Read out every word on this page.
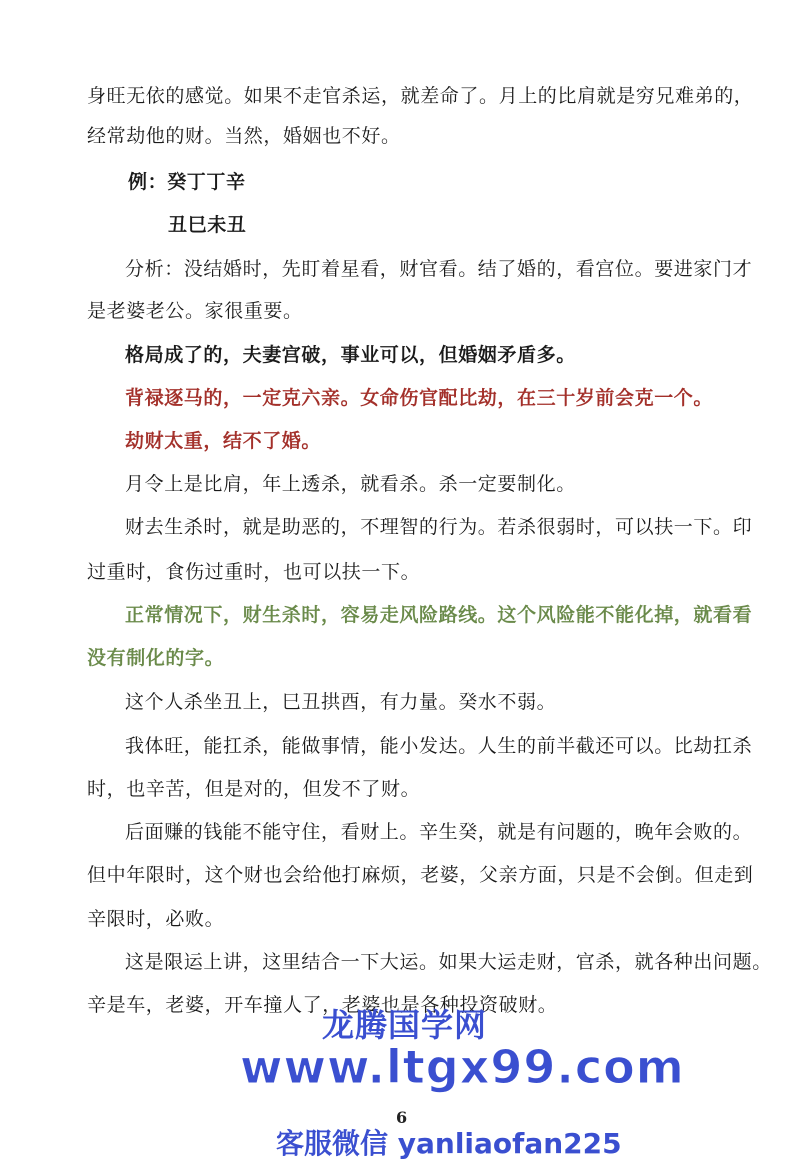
身旺无依的感觉。如果不走官杀运，就差命了。月上的比肩就是穷兄难弟的，
经常劫他的财。当然，婚姻也不好。
例：癸丁丁辛
丑巳未丑
分析：没结婚时，先盯着星看，财官看。结了婚的，看宫位。要进家门才
是老婆老公。家很重要。
格局成了的，夫妻宫破，事业可以，但婚姻矛盾多。
背禄逐马的，一定克六亲。女命伤官配比劫，在三十岁前会克一个。
劫财太重，结不了婚。
月令上是比肩，年上透杀，就看杀。杀一定要制化。
财去生杀时，就是助恶的，不理智的行为。若杀很弱时，可以扶一下。印
过重时，食伤过重时，也可以扶一下。
正常情况下，财生杀时，容易走风险路线。这个风险能不能化掉，就看看
没有制化的字。
这个人杀坐丑上，巳丑拱酉，有力量。癸水不弱。
我体旺，能扛杀，能做事情，能小发达。人生的前半截还可以。比劫扛杀
时，也辛苦，但是对的，但发不了财。
后面赚的钱能不能守住，看财上。辛生癸，就是有问题的，晚年会败的。
但中年限时，这个财也会给他打麻烦，老婆，父亲方面，只是不会倒。但走到
辛限时，必败。
这是限运上讲，这里结合一下大运。如果大运走财，官杀，就各种出问题。
辛是车，老婆，开车撞人了，老婆也是各种投资破财。
龙腾国学网
www.ltgx99.com
6
客服微信 yanliaofan225
